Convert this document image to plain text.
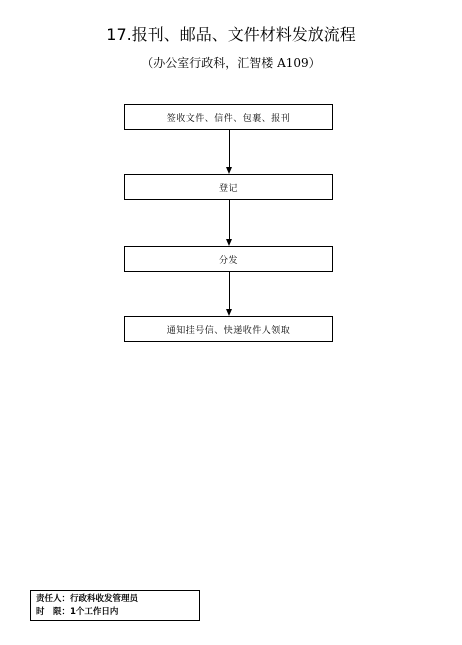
17.报刊、邮品、文件材料发放流程
（办公室行政科，汇智楼 A109）
签收文件、信件、包裹、报刊
登记
分发
通知挂号信、快递收件人领取
责任人：行政科收发管理员
时　限：1个工作日内
